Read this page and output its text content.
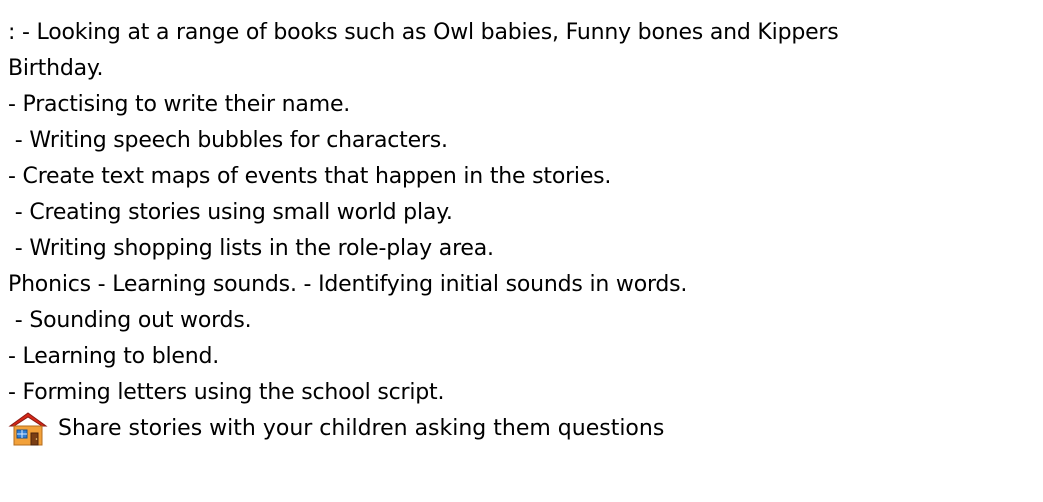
: - Looking at a range of books such as Owl babies, Funny bones and Kippers
Birthday.
- Practising to write their name.
- Writing speech bubbles for characters.
- Create text maps of events that happen in the stories.
- Creating stories using small world play.
- Writing shopping lists in the role-play area.
Phonics - Learning sounds. - Identifying initial sounds in words.
- Sounding out words.
- Learning to blend.
- Forming letters using the school script.
Share stories with your children asking them questions
